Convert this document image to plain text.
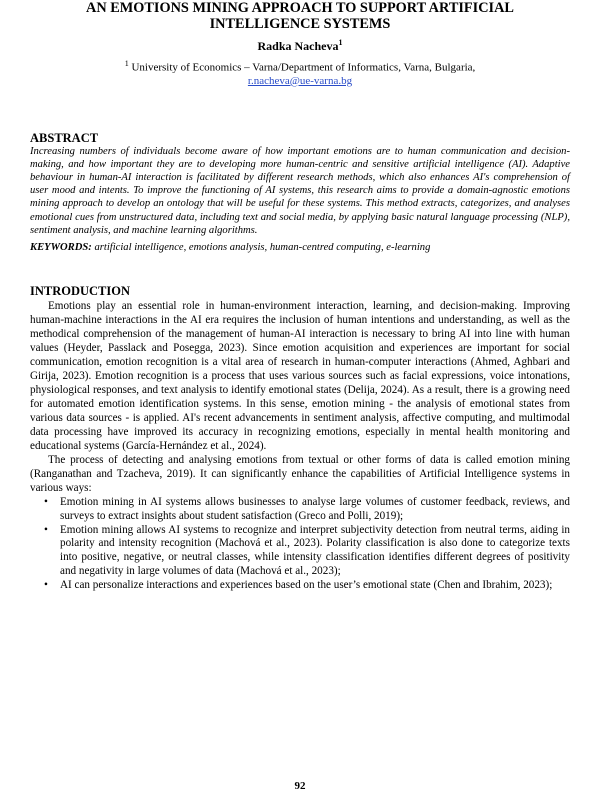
AN EMOTIONS MINING APPROACH TO SUPPORT ARTIFICIAL
INTELLIGENCE SYSTEMS

Radka Nacheva$^1$
$^1$ University of Economics – Varna/Department of Informatics, Varna, Bulgaria,
r.nacheva@ue-varna.bg
ABSTRACT

Increasing numbers of individuals become aware of how important emotions are to human communication and decision-making, and how important they are to developing more human-centric and sensitive artificial intelligence (AI). Adaptive behaviour in human-AI interaction is facilitated by different research methods, which also enhances AI's comprehension of user mood and intents. To improve the functioning of AI systems, this research aims to provide a domain-agnostic emotions mining approach to develop an ontology that will be useful for these systems. This method extracts, categorizes, and analyses emotional cues from unstructured data, including text and social media, by applying basic natural language processing (NLP), sentiment analysis, and machine learning algorithms.

KEYWORDS: artificial intelligence, emotions analysis, human-centred computing, e-learning
INTRODUCTION

Emotions play an essential role in human-environment interaction, learning, and decision-making. Improving human-machine interactions in the AI era requires the inclusion of human intentions and understanding, as well as the methodical comprehension of the management of human-AI interaction is necessary to bring AI into line with human values (Heyder, Passlack and Posegga, 2023). Since emotion acquisition and experiences are important for social communication, emotion recognition is a vital area of research in human-computer interactions (Ahmed, Aghbari and Girija, 2023). Emotion recognition is a process that uses various sources such as facial expressions, voice intonations, physiological responses, and text analysis to identify emotional states (Delija, 2024). As a result, there is a growing need for automated emotion identification systems. In this sense, emotion mining - the analysis of emotional states from various data sources - is applied. AI's recent advancements in sentiment analysis, affective computing, and multimodal data processing have improved its accuracy in recognizing emotions, especially in mental health monitoring and educational systems (García-Hernández et al., 2024).

The process of detecting and analysing emotions from textual or other forms of data is called emotion mining (Ranganathan and Tzacheva, 2019). It can significantly enhance the capabilities of Artificial Intelligence systems in various ways:

• Emotion mining in AI systems allows businesses to analyse large volumes of customer feedback, reviews, and surveys to extract insights about student satisfaction (Greco and Polli, 2019);
• Emotion mining allows AI systems to recognize and interpret subjectivity detection from neutral terms, aiding in polarity and intensity recognition (Machová et al., 2023). Polarity classification is also done to categorize texts into positive, negative, or neutral classes, while intensity classification identifies different degrees of positivity and negativity in large volumes of data (Machová et al., 2023);
• AI can personalize interactions and experiences based on the user’s emotional state (Chen and Ibrahim, 2023);
92
